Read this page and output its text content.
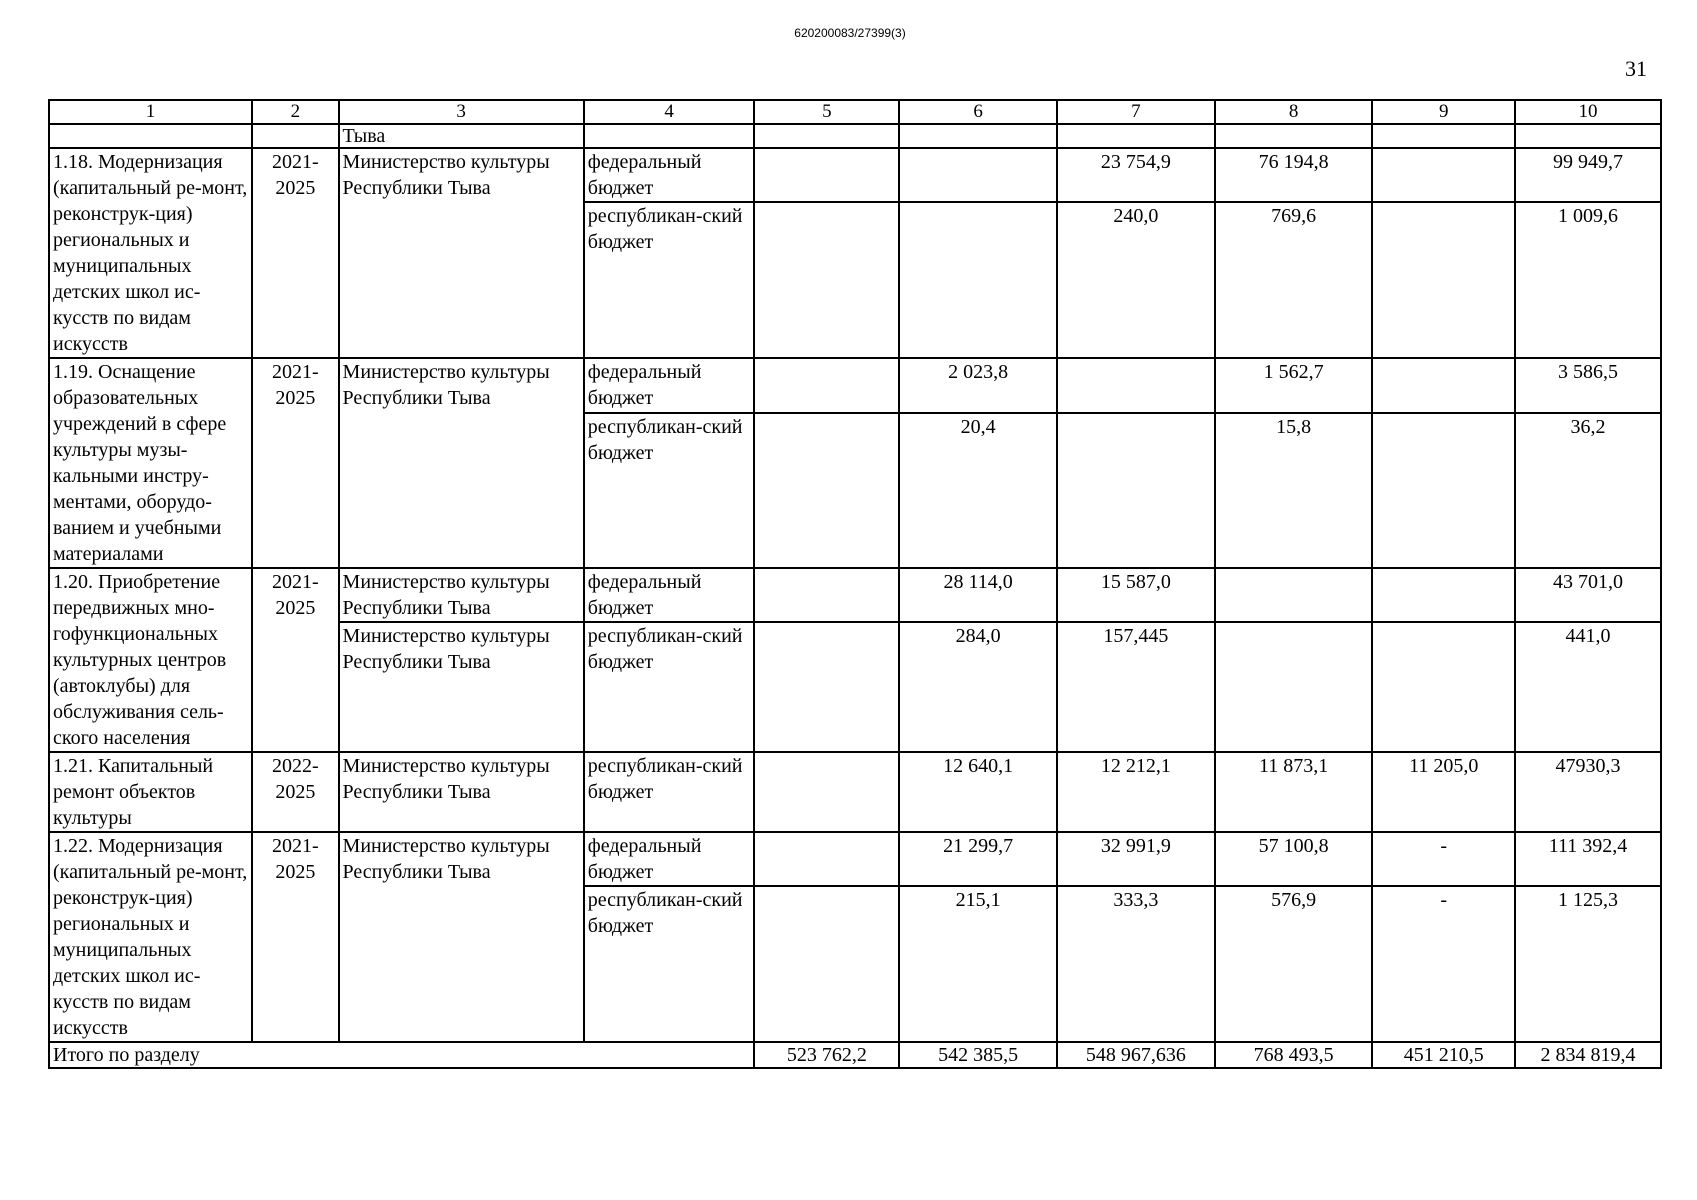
620200083/27399(3)
31
1	2	3	4	5	6	7	8	9	10
		Тыва							
1.18. Модернизация (капитальный ре-монт, реконструк-ция) региональных и муниципальных детских школ ис-кусств по видам искусств	2021-2025	Министерство культуры Республики Тыва	федеральный бюджет			23 754,9	76 194,8		99 949,7
			республикан-ский бюджет			240,0	769,6		1 009,6
1.19. Оснащение образовательных учреждений в сфере культуры музы-кальными инстру-ментами, оборудо-ванием и учебными материалами	2021-2025	Министерство культуры Республики Тыва	федеральный бюджет		2 023,8		1 562,7		3 586,5
			республикан-ский бюджет		20,4		15,8		36,2
1.20. Приобретение передвижных мно-гофункциональных культурных центров (автоклубы) для обслуживания сель-ского населения	2021-2025	Министерство культуры Республики Тыва	федеральный бюджет		28 114,0	15 587,0			43 701,0
		Министерство культуры Республики Тыва	республикан-ский бюджет		284,0	157,445			441,0
1.21. Капитальный ремонт объектов культуры	2022-2025	Министерство культуры Республики Тыва	республикан-ский бюджет		12 640,1	12 212,1	11 873,1	11 205,0	47930,3
1.22. Модернизация (капитальный ре-монт, реконструк-ция) региональных и муниципальных детских школ ис-кусств по видам искусств	2021-2025	Министерство культуры Республики Тыва	федеральный бюджет		21 299,7	32 991,9	57 100,8	-	111 392,4
			республикан-ский бюджет		215,1	333,3	576,9	-	1 125,3
Итого по разделу				523 762,2	542 385,5	548 967,636	768 493,5	451 210,5	2 834 819,4
